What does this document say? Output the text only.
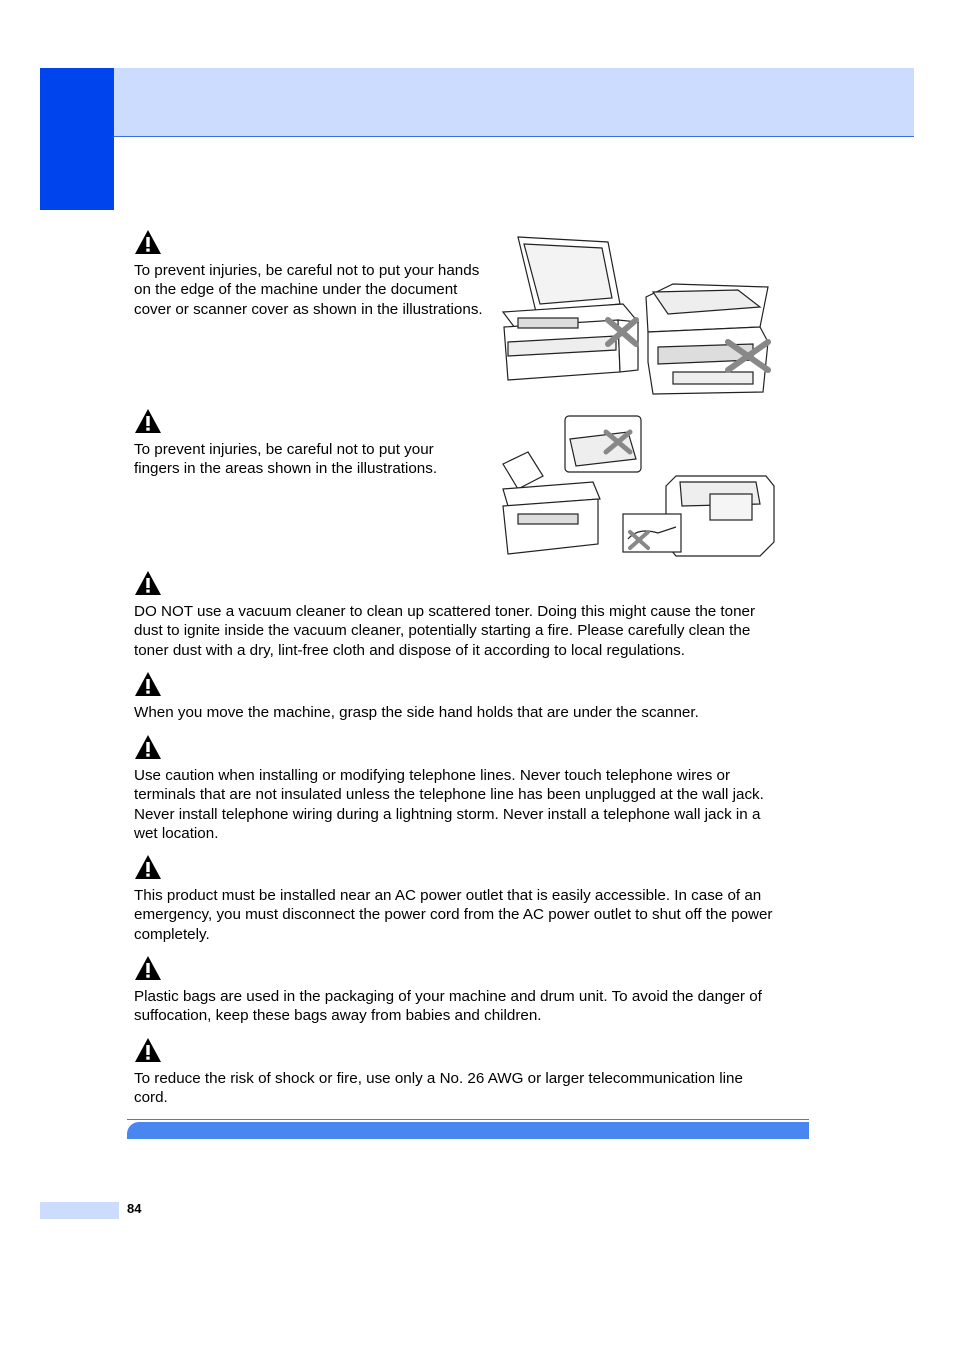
To prevent injuries, be careful not to put your hands on the edge of the machine under the document cover or scanner cover as shown in the illustrations.

To prevent injuries, be careful not to put your fingers in the areas shown in the illustrations.

DO NOT use a vacuum cleaner to clean up scattered toner. Doing this might cause the toner dust to ignite inside the vacuum cleaner, potentially starting a fire. Please carefully clean the toner dust with a dry, lint-free cloth and dispose of it according to local regulations.

When you move the machine, grasp the side hand holds that are under the scanner.

Use caution when installing or modifying telephone lines. Never touch telephone wires or terminals that are not insulated unless the telephone line has been unplugged at the wall jack. Never install telephone wiring during a lightning storm. Never install a telephone wall jack in a wet location.

This product must be installed near an AC power outlet that is easily accessible. In case of an emergency, you must disconnect the power cord from the AC power outlet to shut off the power completely.

Plastic bags are used in the packaging of your machine and drum unit. To avoid the danger of suffocation, keep these bags away from babies and children.

To reduce the risk of shock or fire, use only a No. 26 AWG or larger telecommunication line cord.

84
